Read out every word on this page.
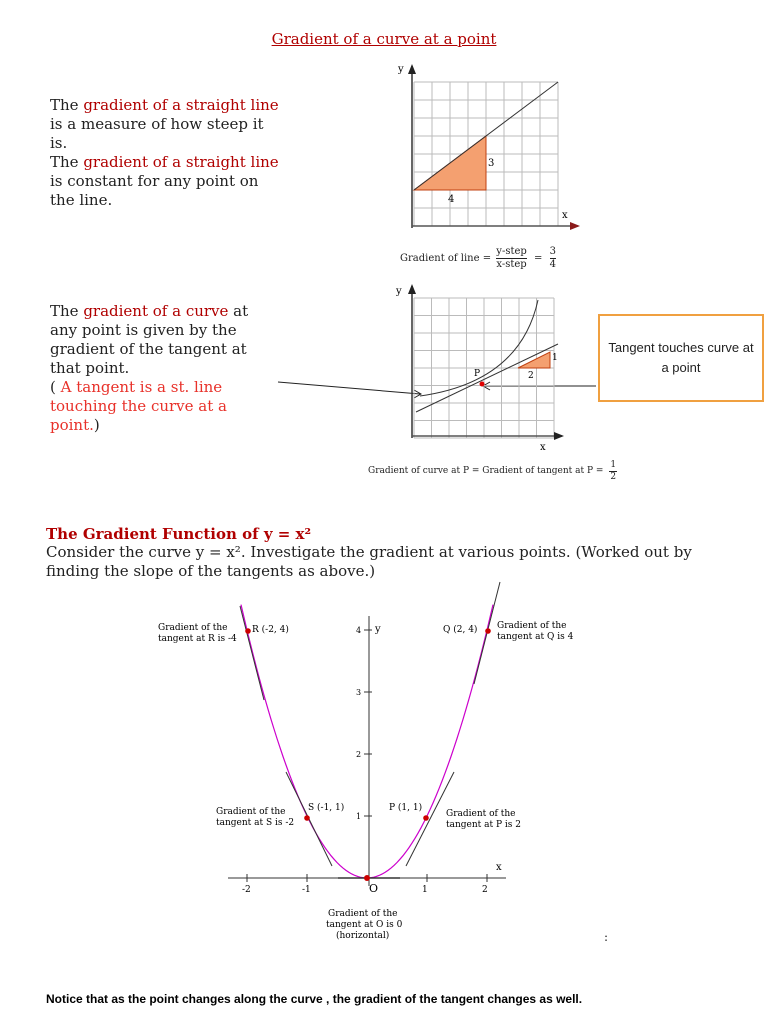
Gradient of a curve at a point
The gradient of a straight line is a measure of how steep it is.
The gradient of a straight line is constant for any point on the line.
y
x
3
4
Gradient of line =
y-step
x-step
= $\frac{3}{4}$
The gradient of a curve at any point is given by the gradient of the tangent at that point.
( A tangent is a st. line touching the curve at a point.)
y
x
P
1
2
Tangent touches curve at a point
Gradient of curve at P = Gradient of tangent at $P = \frac{1}{2}$
The Gradient Function of y = x²
Consider the curve y = x². Investigate the gradient at various points. (Worked out by finding the slope of the tangents as above.)
-2	-1	1	2
1
2
3
4
x
y
O
R (-2, 4)	Q (2, 4)
S (-1, 1)	P (1, 1)
Gradient of the
tangent at R is -4
Gradient of the
tangent at Q is 4
Gradient of the
tangent at S is -2
Gradient of the
tangent at P is 2
Gradient of the
tangent at O is 0
(horizontal)	:
Notice that as the point changes along the curve , the gradient of the tangent changes as well.
